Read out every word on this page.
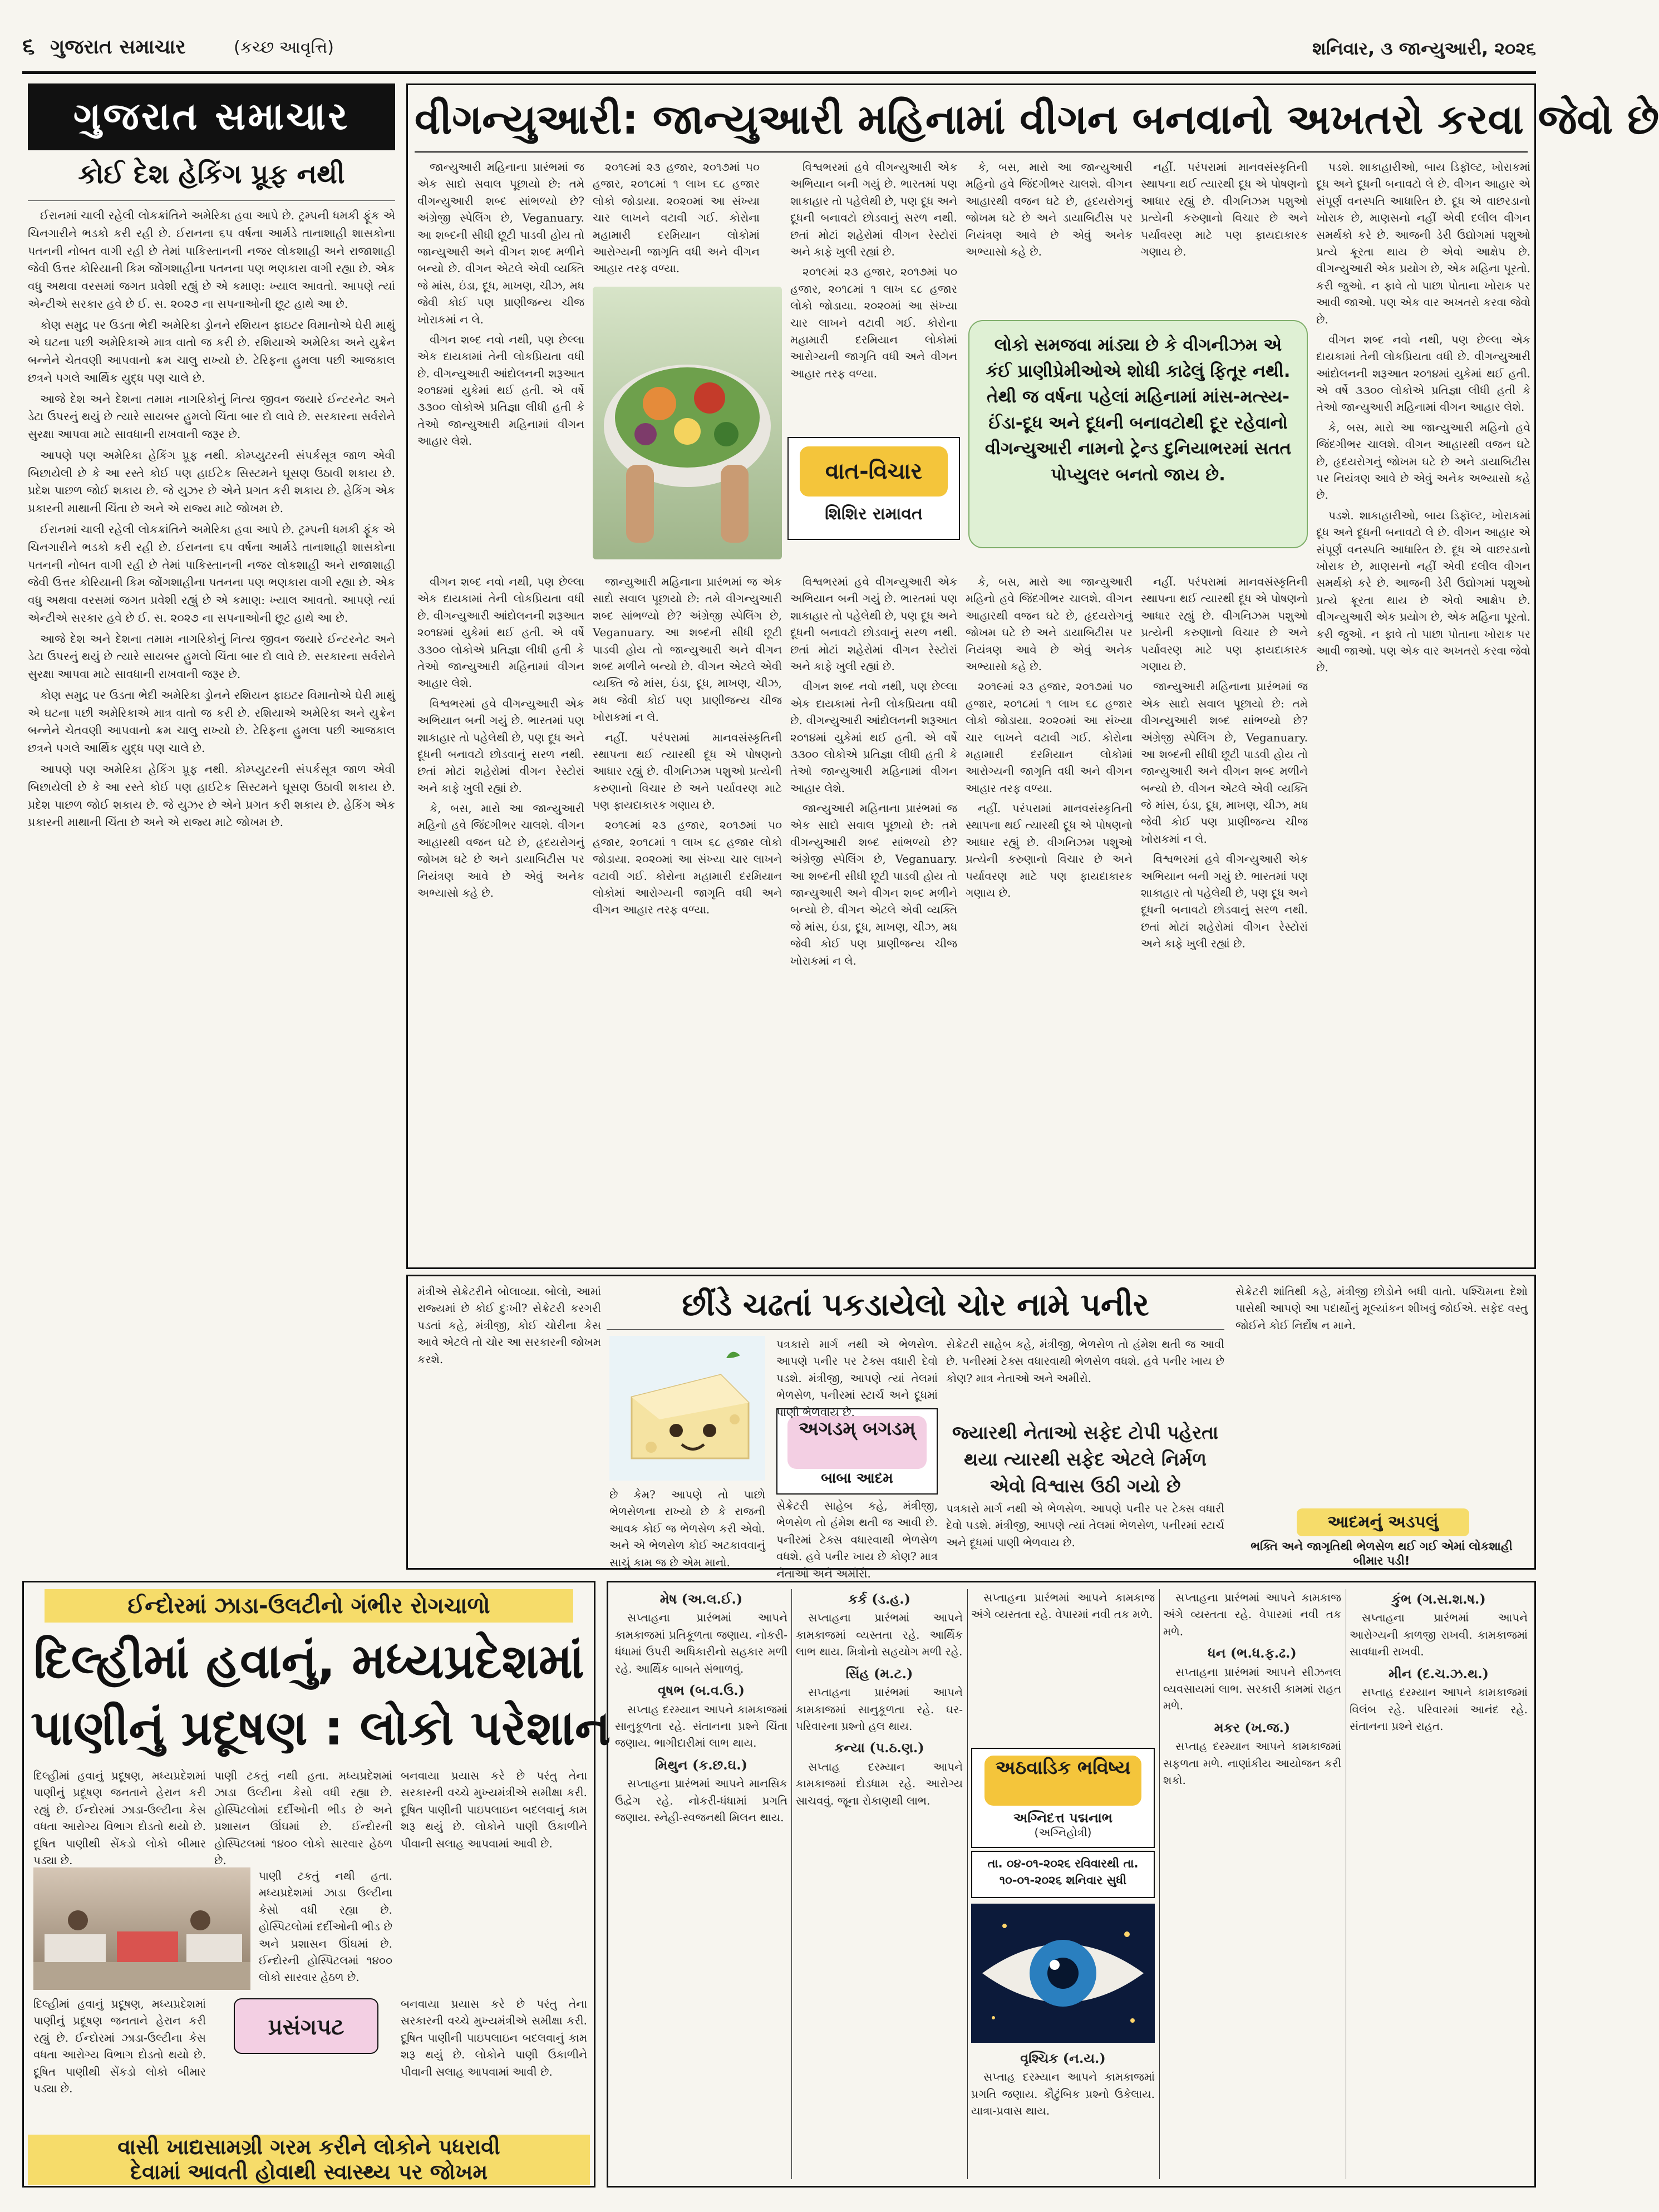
૬ ગુજરાત સમાચાર	(કચ્છ આવૃત્તિ)	શનિવાર, ૩ જાન્યુઆરી, ૨૦૨૬
ગુજરાત સમાચાર
કોઈ દેશ હેકિંગ પ્રૂફ નથી

ઈરાનમાં ચાલી રહેલી લોકક્રાંતિને અમેરિકા હવા આપે છે. ટ્રમ્પની ધમકી ફૂંક એ ચિનગારીને ભડકો કરી રહી છે. ઈરાનના ૬૫ વર્ષના આર્મડે તાનાશાહી શાસકોના પતનની નોબત વાગી રહી છે તેમાં પાકિસ્તાનની નજર લોકશાહી અને રાજાશાહી જેવી ઉત્તર કોરિયાની કિમ જોંગશાહીના પતનના પણ ભણકારા વાગી રહ્યા છે. એક વધુ અથવા વરસમાં જગત પ્રવેશી રહ્યું છે એ કમાણ: ખ્યાલ આવતો. આપણે ત્યાં એન્ટીએ સરકાર હવે છે ઈ. સ. ૨૦૨૭ ના સપનાઓની છૂટ હાથે આ છે.

કોણ સમુદ્ર પર ઉડતા ભેદી અમેરિકા ડ્રોનને રશિયન ફાઇટર વિમાનોએ ઘેરી માથું એ ઘટના પછી અમેરિકાએ માત્ર વાતો જ કરી છે. રશિયાએ અમેરિકા અને યુક્રેન બન્નેને ચેતવણી આપવાનો ક્રમ ચાલુ રાખ્યો છે. ટેરિફના હુમલા પછી આજકાલ છત્રને પગલે આર્થિક યુદ્ધ પણ ચાલે છે.

આજે દેશ અને દેશના તમામ નાગરિકોનું નિત્ય જીવન જયારે ઈન્ટરનેટ અને ડેટા ઉપરનું થયું છે ત્યારે સાયબર હુમલો ચિંતા બાર દો લાવે છે. સરકારના સર્વરોને સુરક્ષા આપવા માટે સાવધાની રાખવાની જરૂર છે.

આપણે પણ અમેરિકા હેકિંગ પ્રૂફ નથી. કોમ્પ્યુટરની સંપર્કસૂત્ર જાળ એવી બિછાયેલી છે કે આ રસ્તે કોઈ પણ હાઈટેક સિસ્ટમને ઘૂસણ ઉઠાવી શકાય છે. પ્રદેશ પાછળ જોઈ શકાય છે. જે યુઝર છે એને પ્રગત કરી શકાય છે. હેકિંગ એક પ્રકારની માથાની ચિંતા છે અને એ રાજ્ય માટે જોખમ છે.

ઈરાનમાં ચાલી રહેલી લોકક્રાંતિને અમેરિકા હવા આપે છે. ટ્રમ્પની ધમકી ફૂંક એ ચિનગારીને ભડકો કરી રહી છે. ઈરાનના ૬૫ વર્ષના આર્મડે તાનાશાહી શાસકોના પતનની નોબત વાગી રહી છે તેમાં પાકિસ્તાનની નજર લોકશાહી અને રાજાશાહી જેવી ઉત્તર કોરિયાની કિમ જોંગશાહીના પતનના પણ ભણકારા વાગી રહ્યા છે. એક વધુ અથવા વરસમાં જગત પ્રવેશી રહ્યું છે એ કમાણ: ખ્યાલ આવતો. આપણે ત્યાં એન્ટીએ સરકાર હવે છે ઈ. સ. ૨૦૨૭ ના સપનાઓની છૂટ હાથે આ છે.

આજે દેશ અને દેશના તમામ નાગરિકોનું નિત્ય જીવન જયારે ઈન્ટરનેટ અને ડેટા ઉપરનું થયું છે ત્યારે સાયબર હુમલો ચિંતા બાર દો લાવે છે. સરકારના સર્વરોને સુરક્ષા આપવા માટે સાવધાની રાખવાની જરૂર છે.

કોણ સમુદ્ર પર ઉડતા ભેદી અમેરિકા ડ્રોનને રશિયન ફાઇટર વિમાનોએ ઘેરી માથું એ ઘટના પછી અમેરિકાએ માત્ર વાતો જ કરી છે. રશિયાએ અમેરિકા અને યુક્રેન બન્નેને ચેતવણી આપવાનો ક્રમ ચાલુ રાખ્યો છે. ટેરિફના હુમલા પછી આજકાલ છત્રને પગલે આર્થિક યુદ્ધ પણ ચાલે છે.

આપણે પણ અમેરિકા હેકિંગ પ્રૂફ નથી. કોમ્પ્યુટરની સંપર્કસૂત્ર જાળ એવી બિછાયેલી છે કે આ રસ્તે કોઈ પણ હાઈટેક સિસ્ટમને ઘૂસણ ઉઠાવી શકાય છે. પ્રદેશ પાછળ જોઈ શકાય છે. જે યુઝર છે એને પ્રગત કરી શકાય છે. હેકિંગ એક પ્રકારની માથાની ચિંતા છે અને એ રાજ્ય માટે જોખમ છે.

વીગન્યુઆરી: જાન્યુઆરી મહિનામાં વીગન બનવાનો અખતરો કરવા જેવો છે

જાન્યુઆરી મહિનાના પ્રારંભમાં જ એક સાદો સવાલ પૂછાયો છે: તમે વીગન્યુઆરી શબ્દ સાંભળ્યો છે? અંગ્રેજી સ્પેલિંગ છે, Veganuary. આ શબ્દની સીધી છૂટી પાડવી હોય તો જાન્યુઆરી અને વીગન શબ્દ મળીને બન્યો છે. વીગન એટલે એવી વ્યક્તિ જે માંસ, ઇંડા, દૂધ, માખણ, ચીઝ, મધ જેવી કોઈ પણ પ્રાણીજન્ય ચીજ ખોરાકમાં ન લે.

વીગન શબ્દ નવો નથી, પણ છેલ્લા એક દાયકામાં તેની લોકપ્રિયતા વધી છે. વીગન્યુઆરી આંદોલનની શરૂઆત ૨૦૧૪માં યુકેમાં થઈ હતી. એ વર્ષે ૩૩૦૦ લોકોએ પ્રતિજ્ઞા લીધી હતી કે તેઓ જાન્યુઆરી મહિનામાં વીગન આહાર લેશે.

૨૦૧૯માં ૨૩ હજાર, ૨૦૧૭માં ૫૦ હજાર, ૨૦૧૮માં ૧ લાખ ૬૮ હજાર લોકો જોડાયા. ૨૦૨૦માં આ સંખ્યા ચાર લાખને વટાવી ગઈ. કોરોના મહામારી દરમિયાન લોકોમાં આરોગ્યની જાગૃતિ વધી અને વીગન આહાર તરફ વળ્યા.

વિશ્વભરમાં હવે વીગન્યુઆરી એક અભિયાન બની ગયું છે. ભારતમાં પણ શાકાહાર તો પહેલેથી છે, પણ દૂધ અને દૂધની બનાવટો છોડવાનું સરળ નથી. છતાં મોટાં શહેરોમાં વીગન રેસ્ટોરાં અને કાફે ખુલી રહ્યાં છે.

૨૦૧૯માં ૨૩ હજાર, ૨૦૧૭માં ૫૦ હજાર, ૨૦૧૮માં ૧ લાખ ૬૮ હજાર લોકો જોડાયા. ૨૦૨૦માં આ સંખ્યા ચાર લાખને વટાવી ગઈ. કોરોના મહામારી દરમિયાન લોકોમાં આરોગ્યની જાગૃતિ વધી અને વીગન આહાર તરફ વળ્યા.

કે, બસ, મારો આ જાન્યુઆરી મહિનો હવે જિંદગીભર ચાલશે. વીગન આહારથી વજન ઘટે છે, હૃદયરોગનું જોખમ ઘટે છે અને ડાયાબિટીસ પર નિયંત્રણ આવે છે એવું અનેક અભ્યાસો કહે છે.

નહીં. પરંપરામાં માનવસંસ્કૃતિની સ્થાપના થઈ ત્યારથી દૂધ એ પોષણનો આધાર રહ્યું છે. વીગનિઝમ પશુઓ પ્રત્યેની કરુણાનો વિચાર છે અને પર્યાવરણ માટે પણ ફાયદાકારક ગણાય છે.

લોકો સમજવા માંડ્યા છે કે વીગનીઝમ એ કંઈ પ્રાણીપ્રેમીઓએ શોધી કાઢેલું ફિતૂર નથી. તેથી જ વર્ષના પહેલાં મહિનામાં માંસ-મત્સ્ય-ઈંડા-દૂધ અને દૂધની બનાવટોથી દૂર રહેવાનો વીગન્યુઆરી નામનો ટ્રેન્ડ દુનિયાભરમાં સતત પોપ્યુલર બનતો જાય છે.
વાત-વિચાર
શિશિર રામાવત

વીગન શબ્દ નવો નથી, પણ છેલ્લા એક દાયકામાં તેની લોકપ્રિયતા વધી છે. વીગન્યુઆરી આંદોલનની શરૂઆત ૨૦૧૪માં યુકેમાં થઈ હતી. એ વર્ષે ૩૩૦૦ લોકોએ પ્રતિજ્ઞા લીધી હતી કે તેઓ જાન્યુઆરી મહિનામાં વીગન આહાર લેશે.

વિશ્વભરમાં હવે વીગન્યુઆરી એક અભિયાન બની ગયું છે. ભારતમાં પણ શાકાહાર તો પહેલેથી છે, પણ દૂધ અને દૂધની બનાવટો છોડવાનું સરળ નથી. છતાં મોટાં શહેરોમાં વીગન રેસ્ટોરાં અને કાફે ખુલી રહ્યાં છે.

કે, બસ, મારો આ જાન્યુઆરી મહિનો હવે જિંદગીભર ચાલશે. વીગન આહારથી વજન ઘટે છે, હૃદયરોગનું જોખમ ઘટે છે અને ડાયાબિટીસ પર નિયંત્રણ આવે છે એવું અનેક અભ્યાસો કહે છે.

જાન્યુઆરી મહિનાના પ્રારંભમાં જ એક સાદો સવાલ પૂછાયો છે: તમે વીગન્યુઆરી શબ્દ સાંભળ્યો છે? અંગ્રેજી સ્પેલિંગ છે, Veganuary. આ શબ્દની સીધી છૂટી પાડવી હોય તો જાન્યુઆરી અને વીગન શબ્દ મળીને બન્યો છે. વીગન એટલે એવી વ્યક્તિ જે માંસ, ઇંડા, દૂધ, માખણ, ચીઝ, મધ જેવી કોઈ પણ પ્રાણીજન્ય ચીજ ખોરાકમાં ન લે.

નહીં. પરંપરામાં માનવસંસ્કૃતિની સ્થાપના થઈ ત્યારથી દૂધ એ પોષણનો આધાર રહ્યું છે. વીગનિઝમ પશુઓ પ્રત્યેની કરુણાનો વિચાર છે અને પર્યાવરણ માટે પણ ફાયદાકારક ગણાય છે.

૨૦૧૯માં ૨૩ હજાર, ૨૦૧૭માં ૫૦ હજાર, ૨૦૧૮માં ૧ લાખ ૬૮ હજાર લોકો જોડાયા. ૨૦૨૦માં આ સંખ્યા ચાર લાખને વટાવી ગઈ. કોરોના મહામારી દરમિયાન લોકોમાં આરોગ્યની જાગૃતિ વધી અને વીગન આહાર તરફ વળ્યા.

વિશ્વભરમાં હવે વીગન્યુઆરી એક અભિયાન બની ગયું છે. ભારતમાં પણ શાકાહાર તો પહેલેથી છે, પણ દૂધ અને દૂધની બનાવટો છોડવાનું સરળ નથી. છતાં મોટાં શહેરોમાં વીગન રેસ્ટોરાં અને કાફે ખુલી રહ્યાં છે.

વીગન શબ્દ નવો નથી, પણ છેલ્લા એક દાયકામાં તેની લોકપ્રિયતા વધી છે. વીગન્યુઆરી આંદોલનની શરૂઆત ૨૦૧૪માં યુકેમાં થઈ હતી. એ વર્ષે ૩૩૦૦ લોકોએ પ્રતિજ્ઞા લીધી હતી કે તેઓ જાન્યુઆરી મહિનામાં વીગન આહાર લેશે.

જાન્યુઆરી મહિનાના પ્રારંભમાં જ એક સાદો સવાલ પૂછાયો છે: તમે વીગન્યુઆરી શબ્દ સાંભળ્યો છે? અંગ્રેજી સ્પેલિંગ છે, Veganuary. આ શબ્દની સીધી છૂટી પાડવી હોય તો જાન્યુઆરી અને વીગન શબ્દ મળીને બન્યો છે. વીગન એટલે એવી વ્યક્તિ જે માંસ, ઇંડા, દૂધ, માખણ, ચીઝ, મધ જેવી કોઈ પણ પ્રાણીજન્ય ચીજ ખોરાકમાં ન લે.

કે, બસ, મારો આ જાન્યુઆરી મહિનો હવે જિંદગીભર ચાલશે. વીગન આહારથી વજન ઘટે છે, હૃદયરોગનું જોખમ ઘટે છે અને ડાયાબિટીસ પર નિયંત્રણ આવે છે એવું અનેક અભ્યાસો કહે છે.

૨૦૧૯માં ૨૩ હજાર, ૨૦૧૭માં ૫૦ હજાર, ૨૦૧૮માં ૧ લાખ ૬૮ હજાર લોકો જોડાયા. ૨૦૨૦માં આ સંખ્યા ચાર લાખને વટાવી ગઈ. કોરોના મહામારી દરમિયાન લોકોમાં આરોગ્યની જાગૃતિ વધી અને વીગન આહાર તરફ વળ્યા.

નહીં. પરંપરામાં માનવસંસ્કૃતિની સ્થાપના થઈ ત્યારથી દૂધ એ પોષણનો આધાર રહ્યું છે. વીગનિઝમ પશુઓ પ્રત્યેની કરુણાનો વિચાર છે અને પર્યાવરણ માટે પણ ફાયદાકારક ગણાય છે.

નહીં. પરંપરામાં માનવસંસ્કૃતિની સ્થાપના થઈ ત્યારથી દૂધ એ પોષણનો આધાર રહ્યું છે. વીગનિઝમ પશુઓ પ્રત્યેની કરુણાનો વિચાર છે અને પર્યાવરણ માટે પણ ફાયદાકારક ગણાય છે.

જાન્યુઆરી મહિનાના પ્રારંભમાં જ એક સાદો સવાલ પૂછાયો છે: તમે વીગન્યુઆરી શબ્દ સાંભળ્યો છે? અંગ્રેજી સ્પેલિંગ છે, Veganuary. આ શબ્દની સીધી છૂટી પાડવી હોય તો જાન્યુઆરી અને વીગન શબ્દ મળીને બન્યો છે. વીગન એટલે એવી વ્યક્તિ જે માંસ, ઇંડા, દૂધ, માખણ, ચીઝ, મધ જેવી કોઈ પણ પ્રાણીજન્ય ચીજ ખોરાકમાં ન લે.

વિશ્વભરમાં હવે વીગન્યુઆરી એક અભિયાન બની ગયું છે. ભારતમાં પણ શાકાહાર તો પહેલેથી છે, પણ દૂધ અને દૂધની બનાવટો છોડવાનું સરળ નથી. છતાં મોટાં શહેરોમાં વીગન રેસ્ટોરાં અને કાફે ખુલી રહ્યાં છે.

પડશે. શાકાહારીઓ, બાય ડિફૉલ્ટ, ખોરાકમાં દૂધ અને દૂધની બનાવટો લે છે. વીગન આહાર એ સંપૂર્ણ વનસ્પતિ આધારિત છે. દૂધ એ વાછરડાનો ખોરાક છે, માણસનો નહીં એવી દલીલ વીગન સમર્થકો કરે છે. આજની ડેરી ઉદ્યોગમાં પશુઓ પ્રત્યે ક્રૂરતા થાય છે એવો આક્ષેપ છે. વીગન્યુઆરી એક પ્રયોગ છે, એક મહિના પૂરતો. કરી જુઓ. ન ફાવે તો પાછા પોતાના ખોરાક પર આવી જાઓ. પણ એક વાર અખતરો કરવા જેવો છે.

વીગન શબ્દ નવો નથી, પણ છેલ્લા એક દાયકામાં તેની લોકપ્રિયતા વધી છે. વીગન્યુઆરી આંદોલનની શરૂઆત ૨૦૧૪માં યુકેમાં થઈ હતી. એ વર્ષે ૩૩૦૦ લોકોએ પ્રતિજ્ઞા લીધી હતી કે તેઓ જાન્યુઆરી મહિનામાં વીગન આહાર લેશે.

કે, બસ, મારો આ જાન્યુઆરી મહિનો હવે જિંદગીભર ચાલશે. વીગન આહારથી વજન ઘટે છે, હૃદયરોગનું જોખમ ઘટે છે અને ડાયાબિટીસ પર નિયંત્રણ આવે છે એવું અનેક અભ્યાસો કહે છે.

પડશે. શાકાહારીઓ, બાય ડિફૉલ્ટ, ખોરાકમાં દૂધ અને દૂધની બનાવટો લે છે. વીગન આહાર એ સંપૂર્ણ વનસ્પતિ આધારિત છે. દૂધ એ વાછરડાનો ખોરાક છે, માણસનો નહીં એવી દલીલ વીગન સમર્થકો કરે છે. આજની ડેરી ઉદ્યોગમાં પશુઓ પ્રત્યે ક્રૂરતા થાય છે એવો આક્ષેપ છે. વીગન્યુઆરી એક પ્રયોગ છે, એક મહિના પૂરતો. કરી જુઓ. ન ફાવે તો પાછા પોતાના ખોરાક પર આવી જાઓ. પણ એક વાર અખતરો કરવા જેવો છે.

મંત્રીએ સેક્રેટરીને બોલાવ્યા. બોલો, આમાં રાજ્યમાં છે કોઈ દુઃખી? સેક્રેટરી કરગરી પડતાં કહે, મંત્રીજી, કોઈ ચોરીના કેસ આવે એટલે તો ચોર આ સરકારની જોખમ કરશે.
છીંડે ચઢતાં પકડાયેલો ચોર નામે પનીર
છે કેમ? આપણે તો પાછો ભેળસેળના રાખ્યો છે કે રાજની આવક કોઈ જ ભેળસેળ કરી એવો. અને એ ભેળસેળ કોઈ અટકાવવાનું સાચું કામ જ છે એમ માનો.
અગડમ્ બગડમ્
બાબા આદમ
પત્રકારો માર્ગ નથી એ ભેળસેળ. આપણે પનીર પર ટેક્સ વધારી દેવો પડશે. મંત્રીજી, આપણે ત્યાં તેલમાં ભેળસેળ, પનીરમાં સ્ટાર્ચ અને દૂધમાં પાણી ભેળવાય છે.
સેક્રેટરી સાહેબ કહે, મંત્રીજી, ભેળસેળ તો હંમેશ થતી જ આવી છે. પનીરમાં ટેક્સ વધારવાથી ભેળસેળ વધશે. હવે પનીર ખાય છે કોણ? માત્ર નેતાઓ અને અમીરો.
સેક્રેટરી સાહેબ કહે, મંત્રીજી, ભેળસેળ તો હંમેશ થતી જ આવી છે. પનીરમાં ટેક્સ વધારવાથી ભેળસેળ વધશે. હવે પનીર ખાય છે કોણ? માત્ર નેતાઓ અને અમીરો.
જ્યારથી નેતાઓ સફેદ ટોપી પહેરતા થયા ત્યારથી સફેદ એટલે નિર્મળ એવો વિશ્વાસ ઉઠી ગયો છે
પત્રકારો માર્ગ નથી એ ભેળસેળ. આપણે પનીર પર ટેક્સ વધારી દેવો પડશે. મંત્રીજી, આપણે ત્યાં તેલમાં ભેળસેળ, પનીરમાં સ્ટાર્ચ અને દૂધમાં પાણી ભેળવાય છે.
સેક્રેટરી શાંતિથી કહે, મંત્રીજી છોડોને બધી વાતો. પશ્ચિમના દેશો પાસેથી આપણે આ પદાર્થોનું મૂલ્યાંકન શીખવું જોઈએ. સફેદ વસ્તુ જોઈને કોઈ નિર્દોષ ન માને.
આદમનું અડપલું
ભક્તિ અને જાગૃતિથી ભેળસેળ થઈ ગઈ એમાં લોકશાહી બીમાર પડી!
ઈન્દોરમાં ઝાડા-ઉલટીનો ગંભીર રોગચાળો
દિલ્હીમાં હવાનું, મધ્યપ્રદેશમાં
પાણીનું પ્રદૂષણ : લોકો પરેશાન
દિલ્હીમાં હવાનું પ્રદૂષણ, મધ્યપ્રદેશમાં પાણીનું પ્રદૂષણ જનતાને હેરાન કરી રહ્યું છે. ઈન્દોરમાં ઝાડા-ઉલ્ટીના કેસ વધતા આરોગ્ય વિભાગ દોડતો થયો છે. દૂષિત પાણીથી સેંકડો લોકો બીમાર પડ્યા છે.
પાણી ટકતું નથી હતા. મધ્યપ્રદેશમાં ઝાડા ઉલ્ટીના કેસો વધી રહ્યા છે. હોસ્પિટલોમાં દર્દીઓની ભીડ છે અને પ્રશાસન ઊંઘમાં છે. ઈન્દોરની હોસ્પિટલમાં ૧૪૦૦ લોકો સારવાર હેઠળ છે.
બનવાયા પ્રયાસ કરે છે પરંતુ તેના સરકારની વચ્ચે મુખ્યમંત્રીએ સમીક્ષા કરી. દૂષિત પાણીની પાઇપલાઇન બદલવાનું કામ શરૂ થયું છે. લોકોને પાણી ઉકાળીને પીવાની સલાહ આપવામાં આવી છે.
દિલ્હીમાં હવાનું પ્રદૂષણ, મધ્યપ્રદેશમાં પાણીનું પ્રદૂષણ જનતાને હેરાન કરી રહ્યું છે. ઈન્દોરમાં ઝાડા-ઉલ્ટીના કેસ વધતા આરોગ્ય વિભાગ દોડતો થયો છે. દૂષિત પાણીથી સેંકડો લોકો બીમાર પડ્યા છે.
પાણી ટકતું નથી હતા. મધ્યપ્રદેશમાં ઝાડા ઉલ્ટીના કેસો વધી રહ્યા છે. હોસ્પિટલોમાં દર્દીઓની ભીડ છે અને પ્રશાસન ઊંઘમાં છે. ઈન્દોરની હોસ્પિટલમાં ૧૪૦૦ લોકો સારવાર હેઠળ છે.
પ્રસંગપટ
બનવાયા પ્રયાસ કરે છે પરંતુ તેના સરકારની વચ્ચે મુખ્યમંત્રીએ સમીક્ષા કરી. દૂષિત પાણીની પાઇપલાઇન બદલવાનું કામ શરૂ થયું છે. લોકોને પાણી ઉકાળીને પીવાની સલાહ આપવામાં આવી છે.
વાસી ખાદ્યસામગ્રી ગરમ કરીને લોકોને પધરાવી
દેવામાં આવતી હોવાથી સ્વાસ્થ્ય પર જોખમ
મેષ (અ.લ.ઈ.)

સપ્તાહના પ્રારંભમાં આપને કામકાજમાં પ્રતિકૂળતા જણાય. નોકરી-ધંધામાં ઉપરી અધિકારીનો સહકાર મળી રહે. આર્થિક બાબતે સંભાળવું.

વૃષભ (બ.વ.ઉ.)

સપ્તાહ દરમ્યાન આપને કામકાજમાં સાનુકૂળતા રહે. સંતાનના પ્રશ્ને ચિંતા જણાય. ભાગીદારીમાં લાભ થાય.

મિથુન (ક.છ.ઘ.)

સપ્તાહના પ્રારંભમાં આપને માનસિક ઉદ્વેગ રહે. નોકરી-ધંધામાં પ્રગતિ જણાય. સ્નેહી-સ્વજનથી મિલન થાય.

કર્ક (ડ.હ.)

સપ્તાહના પ્રારંભમાં આપને કામકાજમાં વ્યસ્તતા રહે. આર્થિક લાભ થાય. મિત્રોનો સહયોગ મળી રહે.

સિંહ (મ.ટ.)

સપ્તાહના પ્રારંભમાં આપને કામકાજમાં સાનુકૂળતા રહે. ઘર-પરિવારના પ્રશ્નો હલ થાય.

કન્યા (પ.ઠ.ણ.)

સપ્તાહ દરમ્યાન આપને કામકાજમાં દોડધામ રહે. આરોગ્ય સાચવવું. જૂના રોકાણથી લાભ.

સપ્તાહના પ્રારંભમાં આપને કામકાજ અંગે વ્યસ્તતા રહે. વેપારમાં નવી તક મળે.

અઠવાડિક ભવિષ્ય
અગ્નિદત્ત પદ્મનાભ
(અગ્નિહોત્રી)
તા. ૦૪-૦૧-૨૦૨૬ રવિવારથી તા. ૧૦-૦૧-૨૦૨૬ શનિવાર સુધી
વૃશ્ચિક (ન.ય.)

સપ્તાહ દરમ્યાન આપને કામકાજમાં પ્રગતિ જણાય. કૌટુંબિક પ્રશ્નો ઉકેલાય. યાત્રા-પ્રવાસ થાય.

સપ્તાહના પ્રારંભમાં આપને કામકાજ અંગે વ્યસ્તતા રહે. વેપારમાં નવી તક મળે.

ધન (ભ.ધ.ફ.ઢ.)

સપ્તાહના પ્રારંભમાં આપને સીઝનલ વ્યવસાયમાં લાભ. સરકારી કામમાં રાહત મળે.

મકર (ખ.જ.)

સપ્તાહ દરમ્યાન આપને કામકાજમાં સફળતા મળે. નાણાંકીય આયોજન કરી શકો.

કુંભ (ગ.સ.શ.ષ.)

સપ્તાહના પ્રારંભમાં આપને આરોગ્યની કાળજી રાખવી. કામકાજમાં સાવધાની રાખવી.

મીન (દ.ચ.ઝ.થ.)

સપ્તાહ દરમ્યાન આપને કામકાજમાં વિલંબ રહે. પરિવારમાં આનંદ રહે. સંતાનના પ્રશ્ને રાહત.
